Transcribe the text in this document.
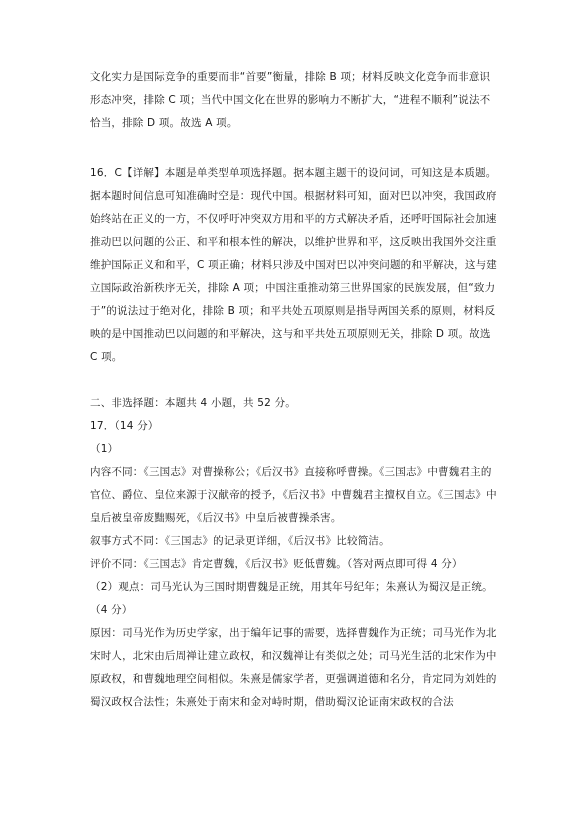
文化实力是国际竞争的重要而非“首要”衡量，排除 B 项；材料反映文化竞争而非意识形态冲突，排除 C 项；当代中国文化在世界的影响力不断扩大，“进程不顺利”说法不恰当，排除 D 项。故选 A 项。

16．C【详解】本题是单类型单项选择题。据本题主题干的设问词，可知这是本质题。据本题时间信息可知准确时空是：现代中国。根据材料可知，面对巴以冲突，我国政府始终站在正义的一方，不仅呼吁冲突双方用和平的方式解决矛盾，还呼吁国际社会加速推动巴以问题的公正、和平和根本性的解决，以维护世界和平，这反映出我国外交注重维护国际正义和和平，C 项正确；材料只涉及中国对巴以冲突问题的和平解决，这与建立国际政治新秩序无关，排除 A 项；中国注重推动第三世界国家的民族发展，但“致力于”的说法过于绝对化，排除 B 项；和平共处五项原则是指导两国关系的原则，材料反映的是中国推动巴以问题的和平解决，这与和平共处五项原则无关，排除 D 项。故选 C 项。

二、非选择题：本题共 4 小题，共 52 分。

17．（14 分）

（1）

内容不同：《三国志》对曹操称公；《后汉书》直接称呼曹操。《三国志》中曹魏君主的官位、爵位、皇位来源于汉献帝的授予，《后汉书》中曹魏君主擅权自立。《三国志》中皇后被皇帝废黜赐死，《后汉书》中皇后被曹操杀害。

叙事方式不同：《三国志》的记录更详细，《后汉书》比较简洁。

评价不同：《三国志》肯定曹魏，《后汉书》贬低曹魏。（答对两点即可得 4 分）

（2）观点：司马光认为三国时期曹魏是正统，用其年号纪年；朱熹认为蜀汉是正统。（4 分）

原因：司马光作为历史学家，出于编年记事的需要，选择曹魏作为正统；司马光作为北宋时人，北宋由后周禅让建立政权，和汉魏禅让有类似之处；司马光生活的北宋作为中原政权，和曹魏地理空间相似。朱熹是儒家学者，更强调道德和名分，肯定同为刘姓的蜀汉政权合法性；朱熹处于南宋和金对峙时期，借助蜀汉论证南宋政权的合法
